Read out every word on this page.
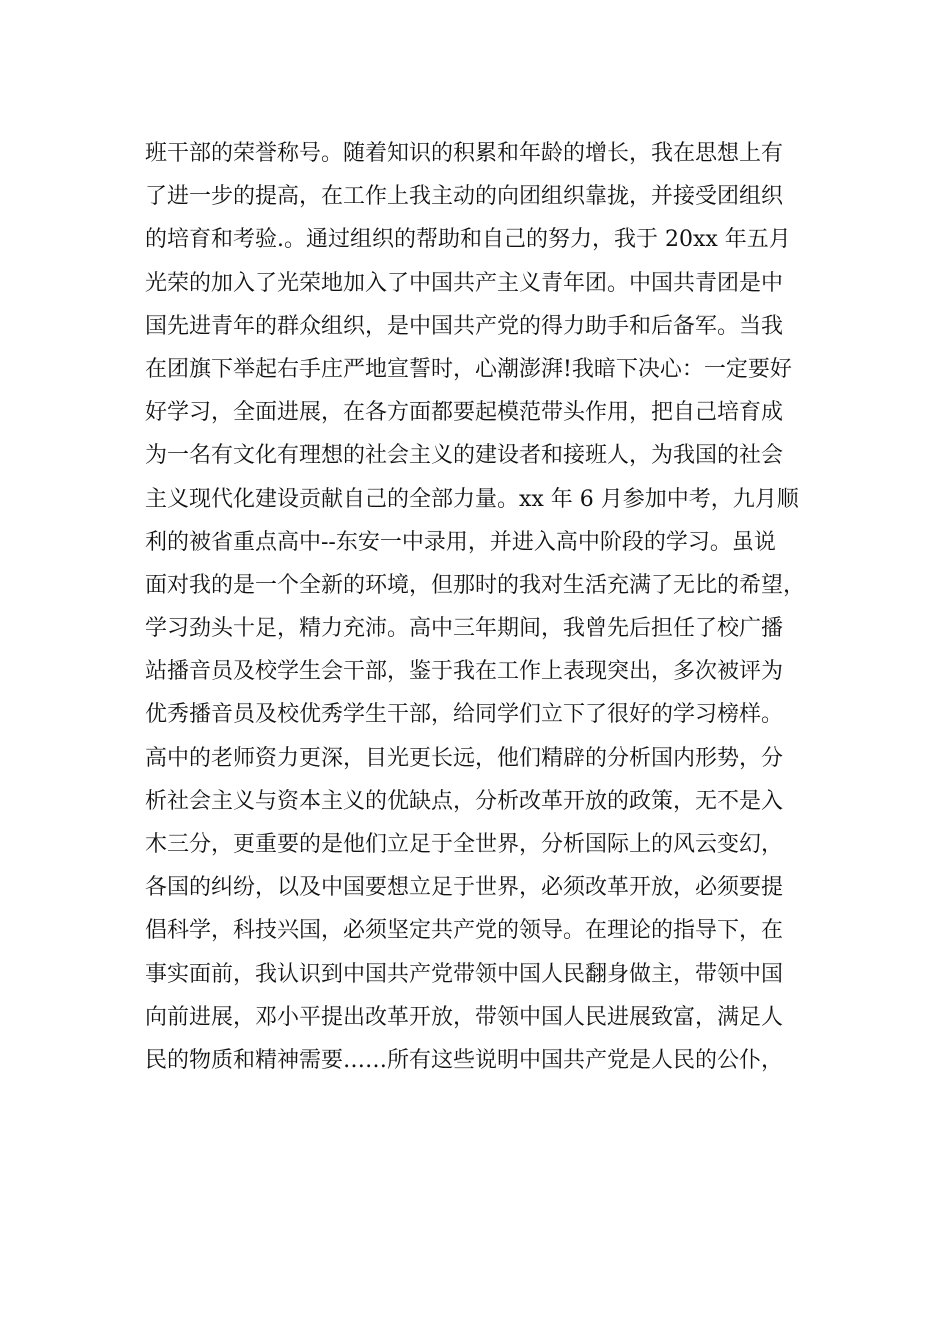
班干部的荣誉称号。随着知识的积累和年龄的增长，我在思想上有
了进一步的提高，在工作上我主动的向团组织靠拢，并接受团组织
的培育和考验.。通过组织的帮助和自己的努力，我于 20xx 年五月
光荣的加入了光荣地加入了中国共产主义青年团。中国共青团是中
国先进青年的群众组织，是中国共产党的得力助手和后备军。当我
在团旗下举起右手庄严地宣誓时，心潮澎湃!我暗下决心：一定要好
好学习，全面进展，在各方面都要起模范带头作用，把自己培育成
为一名有文化有理想的社会主义的建设者和接班人，为我国的社会
主义现代化建设贡献自己的全部力量。xx 年 6 月参加中考，九月顺
利的被省重点高中--东安一中录用，并进入高中阶段的学习。虽说
面对我的是一个全新的环境，但那时的我对生活充满了无比的希望，
学习劲头十足，精力充沛。高中三年期间，我曾先后担任了校广播
站播音员及校学生会干部，鉴于我在工作上表现突出，多次被评为
优秀播音员及校优秀学生干部，给同学们立下了很好的学习榜样。
高中的老师资力更深，目光更长远，他们精辟的分析国内形势，分
析社会主义与资本主义的优缺点，分析改革开放的政策，无不是入
木三分，更重要的是他们立足于全世界，分析国际上的风云变幻，
各国的纠纷，以及中国要想立足于世界，必须改革开放，必须要提
倡科学，科技兴国，必须坚定共产党的领导。在理论的指导下，在
事实面前，我认识到中国共产党带领中国人民翻身做主，带领中国
向前进展，邓小平提出改革开放，带领中国人民进展致富，满足人
民的物质和精神需要……所有这些说明中国共产党是人民的公仆，
